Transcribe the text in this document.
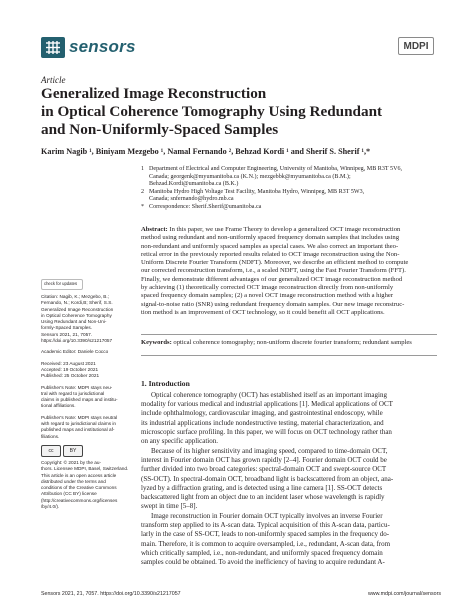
sensors	MDPI
Article
Generalized Image Reconstruction
in Optical Coherence Tomography Using Redundant
and Non-Uniformly-Spaced Samples
Karim Nagib ¹, Biniyam Mezgebo ¹, Namal Fernando ², Behzad Kordi ¹ and Sherif S. Sherif ¹,*
1 Department of Electrical and Computer Engineering, University of Manitoba, Winnipeg, MB R3T 5V6,
Canada; georgenk@myumanitoba.ca (K.N.); mezgebbk@myumanitoba.ca (B.M.);
Behzad.Kordi@umanitoba.ca (B.K.)
2 Manitoba Hydro High Voltage Test Facility, Manitoba Hydro, Winnipeg, MB R3T 5W3,
Canada; snfernando@hydro.mb.ca
* Correspondence: Sherif.Sherif@umanitoba.ca
Abstract: In this paper, we use Frame Theory to develop a generalized OCT image reconstruction
method using redundant and non-uniformly spaced frequency domain samples that includes using
non-redundant and uniformly spaced samples as special cases. We also correct an important theo-
retical error in the previously reported results related to OCT image reconstruction using the Non-
Uniform Discrete Fourier Transform (NDFT). Moreover, we describe an efficient method to compute
our corrected reconstruction transform, i.e., a scaled NDFT, using the Fast Fourier Transform (FFT).
Finally, we demonstrate different advantages of our generalized OCT image reconstruction method
by achieving (1) theoretically corrected OCT image reconstruction directly from non-uniformly
spaced frequency domain samples; (2) a novel OCT image reconstruction method with a higher
signal-to-noise ratio (SNR) using redundant frequency domain samples. Our new image reconstruc-
tion method is an improvement of OCT technology, so it could benefit all OCT applications.
Keywords: optical coherence tomography; non-uniform discrete fourier transform; redundant samples
check for updates
Citation: Nagib, K.; Mezgebo, B.;
Fernando, N.; Kordi,B; Sherif, S.S.
Generalized Image Reconstruction
in Optical Coherence Tomography
Using Redundant and Non-Uni-
formly-Spaced Samples.
Sensors 2021, 21, 7057.
https://doi.org/10.3390/s21217057
Academic Editor: Daniele Cocco
Received: 23 August 2021
Accepted: 19 October 2021
Published: 25 October 2021
Publisher's Note: MDPI stays neu-
tral with regard to jurisdictional
claims in published maps and institu-
tional affiliations.
Publisher's Note: MDPI stays neutral
with regard to jurisdictional claims in
published maps and institutional af-
filiations.
cc	BY
Copyright: © 2021 by the au-
thors. Licensee MDPI, Basel, Switzerland.
This article is an open access article
distributed under the terms and
conditions of the Creative Commons
Attribution (CC BY) license
(http://creativecommons.org/licenses
/by/4.0/).
1. Introduction
Optical coherence tomography (OCT) has established itself as an important imaging
modality for various medical and industrial applications [1]. Medical applications of OCT
include ophthalmology, cardiovascular imaging, and gastrointestinal endoscopy, while
its industrial applications include nondestructive testing, material characterization, and
microscopic surface profiling. In this paper, we will focus on OCT technology rather than
on any specific application.
Because of its higher sensitivity and imaging speed, compared to time-domain OCT,
interest in Fourier domain OCT has grown rapidly [2–4]. Fourier domain OCT could be
further divided into two broad categories: spectral-domain OCT and swept-source OCT
(SS-OCT). In spectral-domain OCT, broadband light is backscattered from an object, ana-
lyzed by a diffraction grating, and is detected using a line camera [1]. SS-OCT detects
backscattered light from an object due to an incident laser whose wavelength is rapidly
swept in time [5–8].
Image reconstruction in Fourier domain OCT typically involves an inverse Fourier
transform step applied to its A-scan data. Typical acquisition of this A-scan data, particu-
larly in the case of SS-OCT, leads to non-uniformly spaced samples in the frequency do-
main. Therefore, it is common to acquire oversampled, i.e., redundant, A-scan data, from
which critically sampled, i.e., non-redundant, and uniformly spaced frequency domain
samples could be obtained. To avoid the inefficiency of having to acquire redundant A-
Sensors 2021, 21, 7057. https://doi.org/10.3390/s21217057	www.mdpi.com/journal/sensors
